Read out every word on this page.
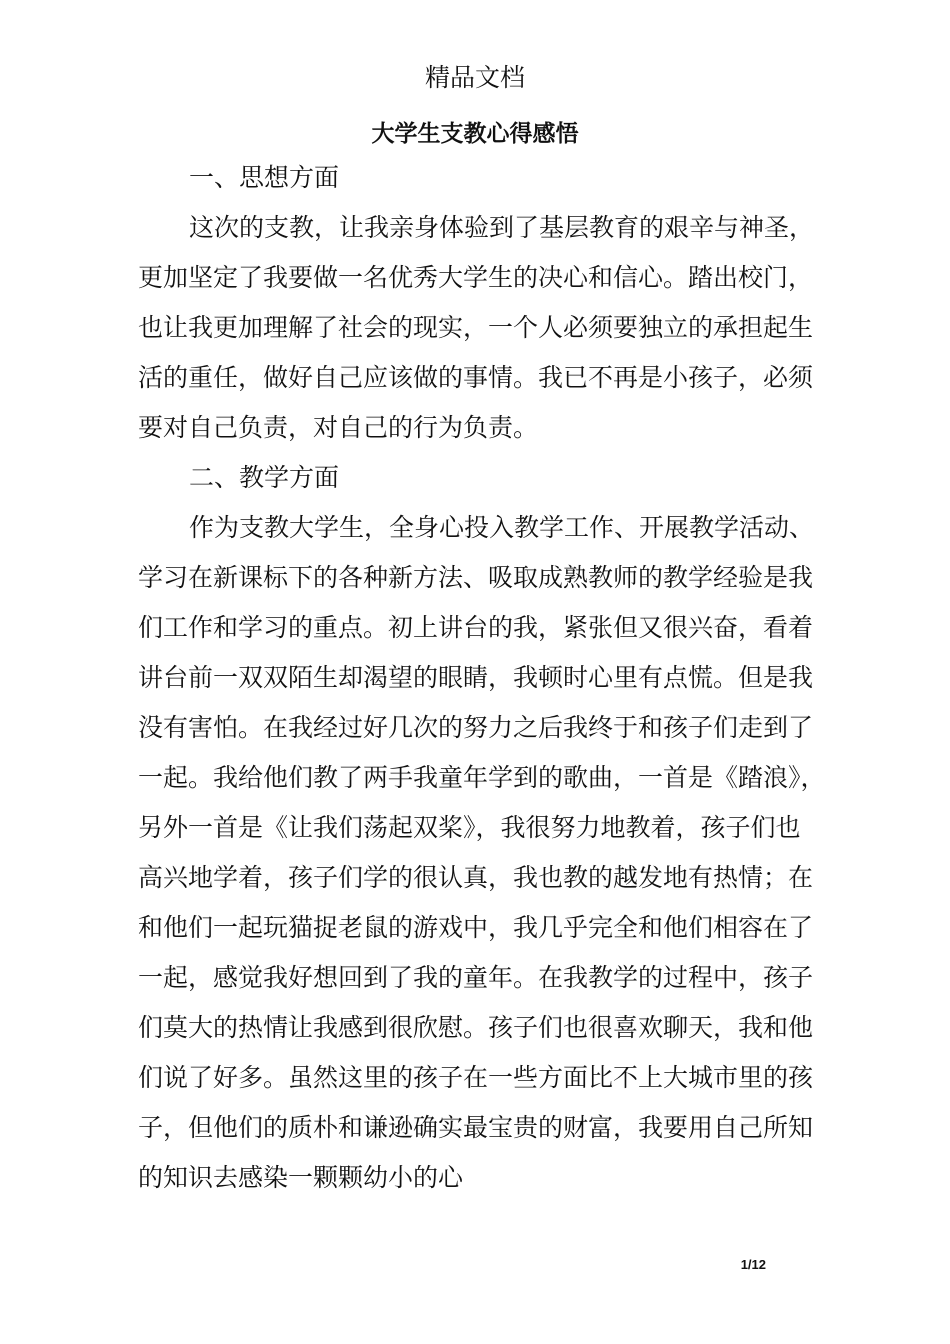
精品文档
大学生支教心得感悟
一、思想方面
这次的支教，让我亲身体验到了基层教育的艰辛与神圣，
更加坚定了我要做一名优秀大学生的决心和信心。踏出校门，
也让我更加理解了社会的现实，一个人必须要独立的承担起生
活的重任，做好自己应该做的事情。我已不再是小孩子，必须
要对自己负责，对自己的行为负责。
二、教学方面
作为支教大学生，全身心投入教学工作、开展教学活动、
学习在新课标下的各种新方法、吸取成熟教师的教学经验是我
们工作和学习的重点。初上讲台的我，紧张但又很兴奋，看着
讲台前一双双陌生却渴望的眼睛，我顿时心里有点慌。但是我
没有害怕。在我经过好几次的努力之后我终于和孩子们走到了
一起。我给他们教了两手我童年学到的歌曲，一首是《踏浪》，
另外一首是《让我们荡起双桨》，我很努力地教着，孩子们也
高兴地学着，孩子们学的很认真，我也教的越发地有热情；在
和他们一起玩猫捉老鼠的游戏中，我几乎完全和他们相容在了
一起，感觉我好想回到了我的童年。在我教学的过程中，孩子
们莫大的热情让我感到很欣慰。孩子们也很喜欢聊天，我和他
们说了好多。虽然这里的孩子在一些方面比不上大城市里的孩
子，但他们的质朴和谦逊确实最宝贵的财富，我要用自己所知
的知识去感染一颗颗幼小的心
1/12
